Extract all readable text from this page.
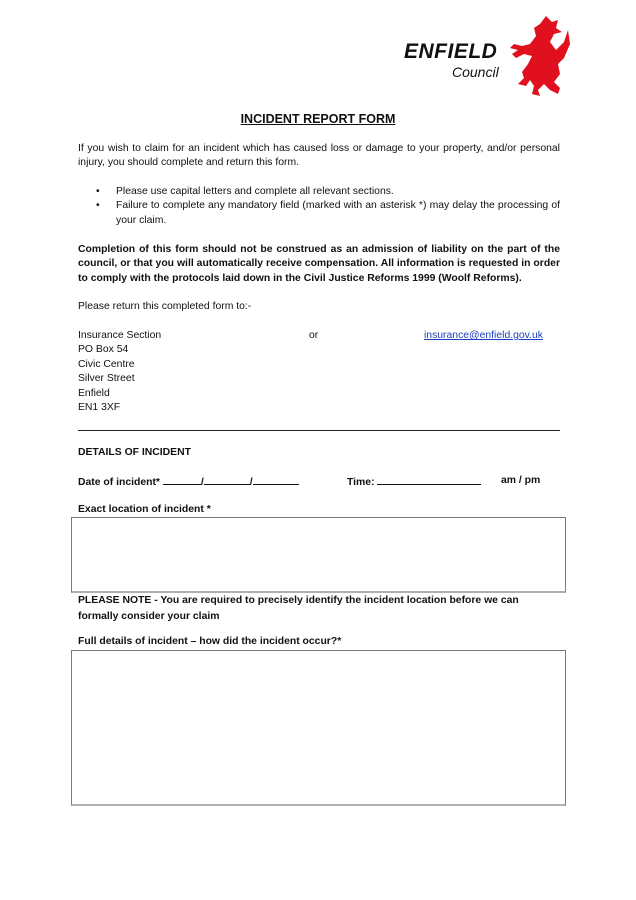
ENFIELD
Council
INCIDENT REPORT FORM
If you wish to claim for an incident which has caused loss or damage to your property, and/or personal injury, you should complete and return this form.
• Please use capital letters and complete all relevant sections.
• Failure to complete any mandatory field (marked with an asterisk *) may delay the processing of your claim.
Completion of this form should not be construed as an admission of liability on the part of the council, or that you will automatically receive compensation. All information is requested in order to comply with the protocols laid down in the Civil Justice Reforms 1999 (Woolf Reforms).
Please return this completed form to:-
Insurance Section
PO Box 54
Civic Centre
Silver Street
Enfield
EN1 3XF
or	insurance@enfield.gov.uk
DETAILS OF INCIDENT
Date of incident*	/	/	Time:	am / pm
Exact location of incident *
PLEASE NOTE - You are required to precisely identify the incident location before we can formally consider your claim
Full details of incident – how did the incident occur?*
